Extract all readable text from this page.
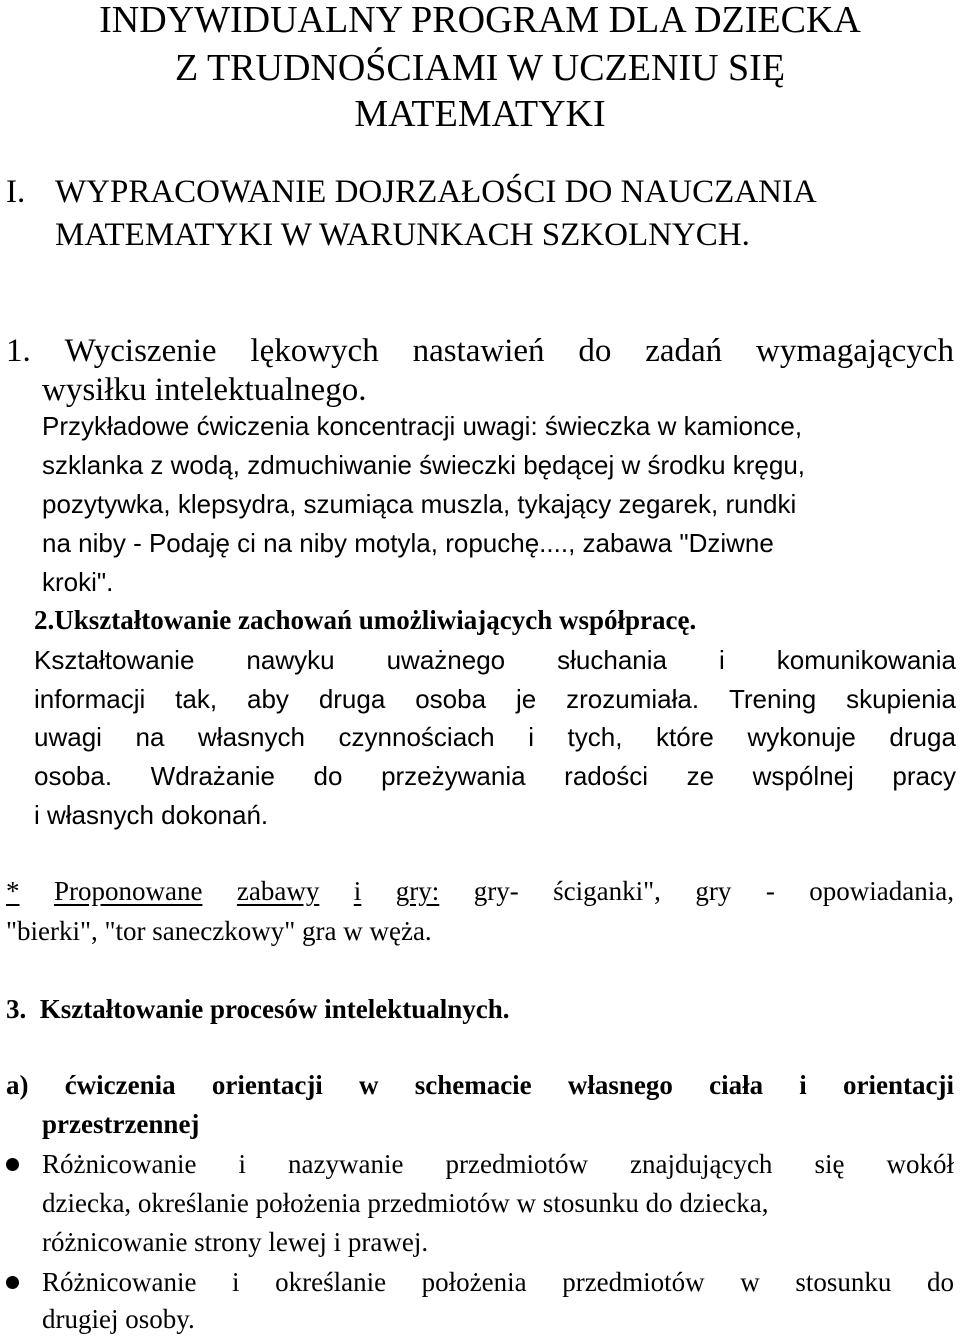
INDYWIDUALNY PROGRAM DLA DZIECKA
Z TRUDNOŚCIAMI W UCZENIU SIĘ
MATEMATYKI
I. WYPRACOWANIE DOJRZAŁOŚCI DO NAUCZANIA
MATEMATYKI W WARUNKACH SZKOLNYCH.
1. Wyciszenie lękowych nastawień do zadań wymagających
wysiłku intelektualnego.
Przykładowe ćwiczenia koncentracji uwagi: świeczka w kamionce,
szklanka z wodą, zdmuchiwanie świeczki będącej w środku kręgu,
pozytywka, klepsydra, szumiąca muszla, tykający zegarek, rundki
na niby - Podaję ci na niby motyla, ropuchę...., zabawa "Dziwne
kroki".
2.Ukształtowanie zachowań umożliwiających współpracę.
Kształtowanie nawyku uważnego słuchania i komunikowania
informacji tak, aby druga osoba je zrozumiała. Trening skupienia
uwagi na własnych czynnościach i tych, które wykonuje druga
osoba. Wdrażanie do przeżywania radości ze wspólnej pracy
i własnych dokonań.
* Proponowane zabawy i gry: gry- ściganki", gry - opowiadania,
"bierki", "tor saneczkowy" gra w węża.
3.  Kształtowanie procesów intelektualnych.
a) ćwiczenia orientacji w schemacie własnego ciała i orientacji
przestrzennej
Różnicowanie i nazywanie przedmiotów znajdujących się wokół
dziecka, określanie położenia przedmiotów w stosunku do dziecka,
różnicowanie strony lewej i prawej.
Różnicowanie i określanie położenia przedmiotów w stosunku do
drugiej osoby.
